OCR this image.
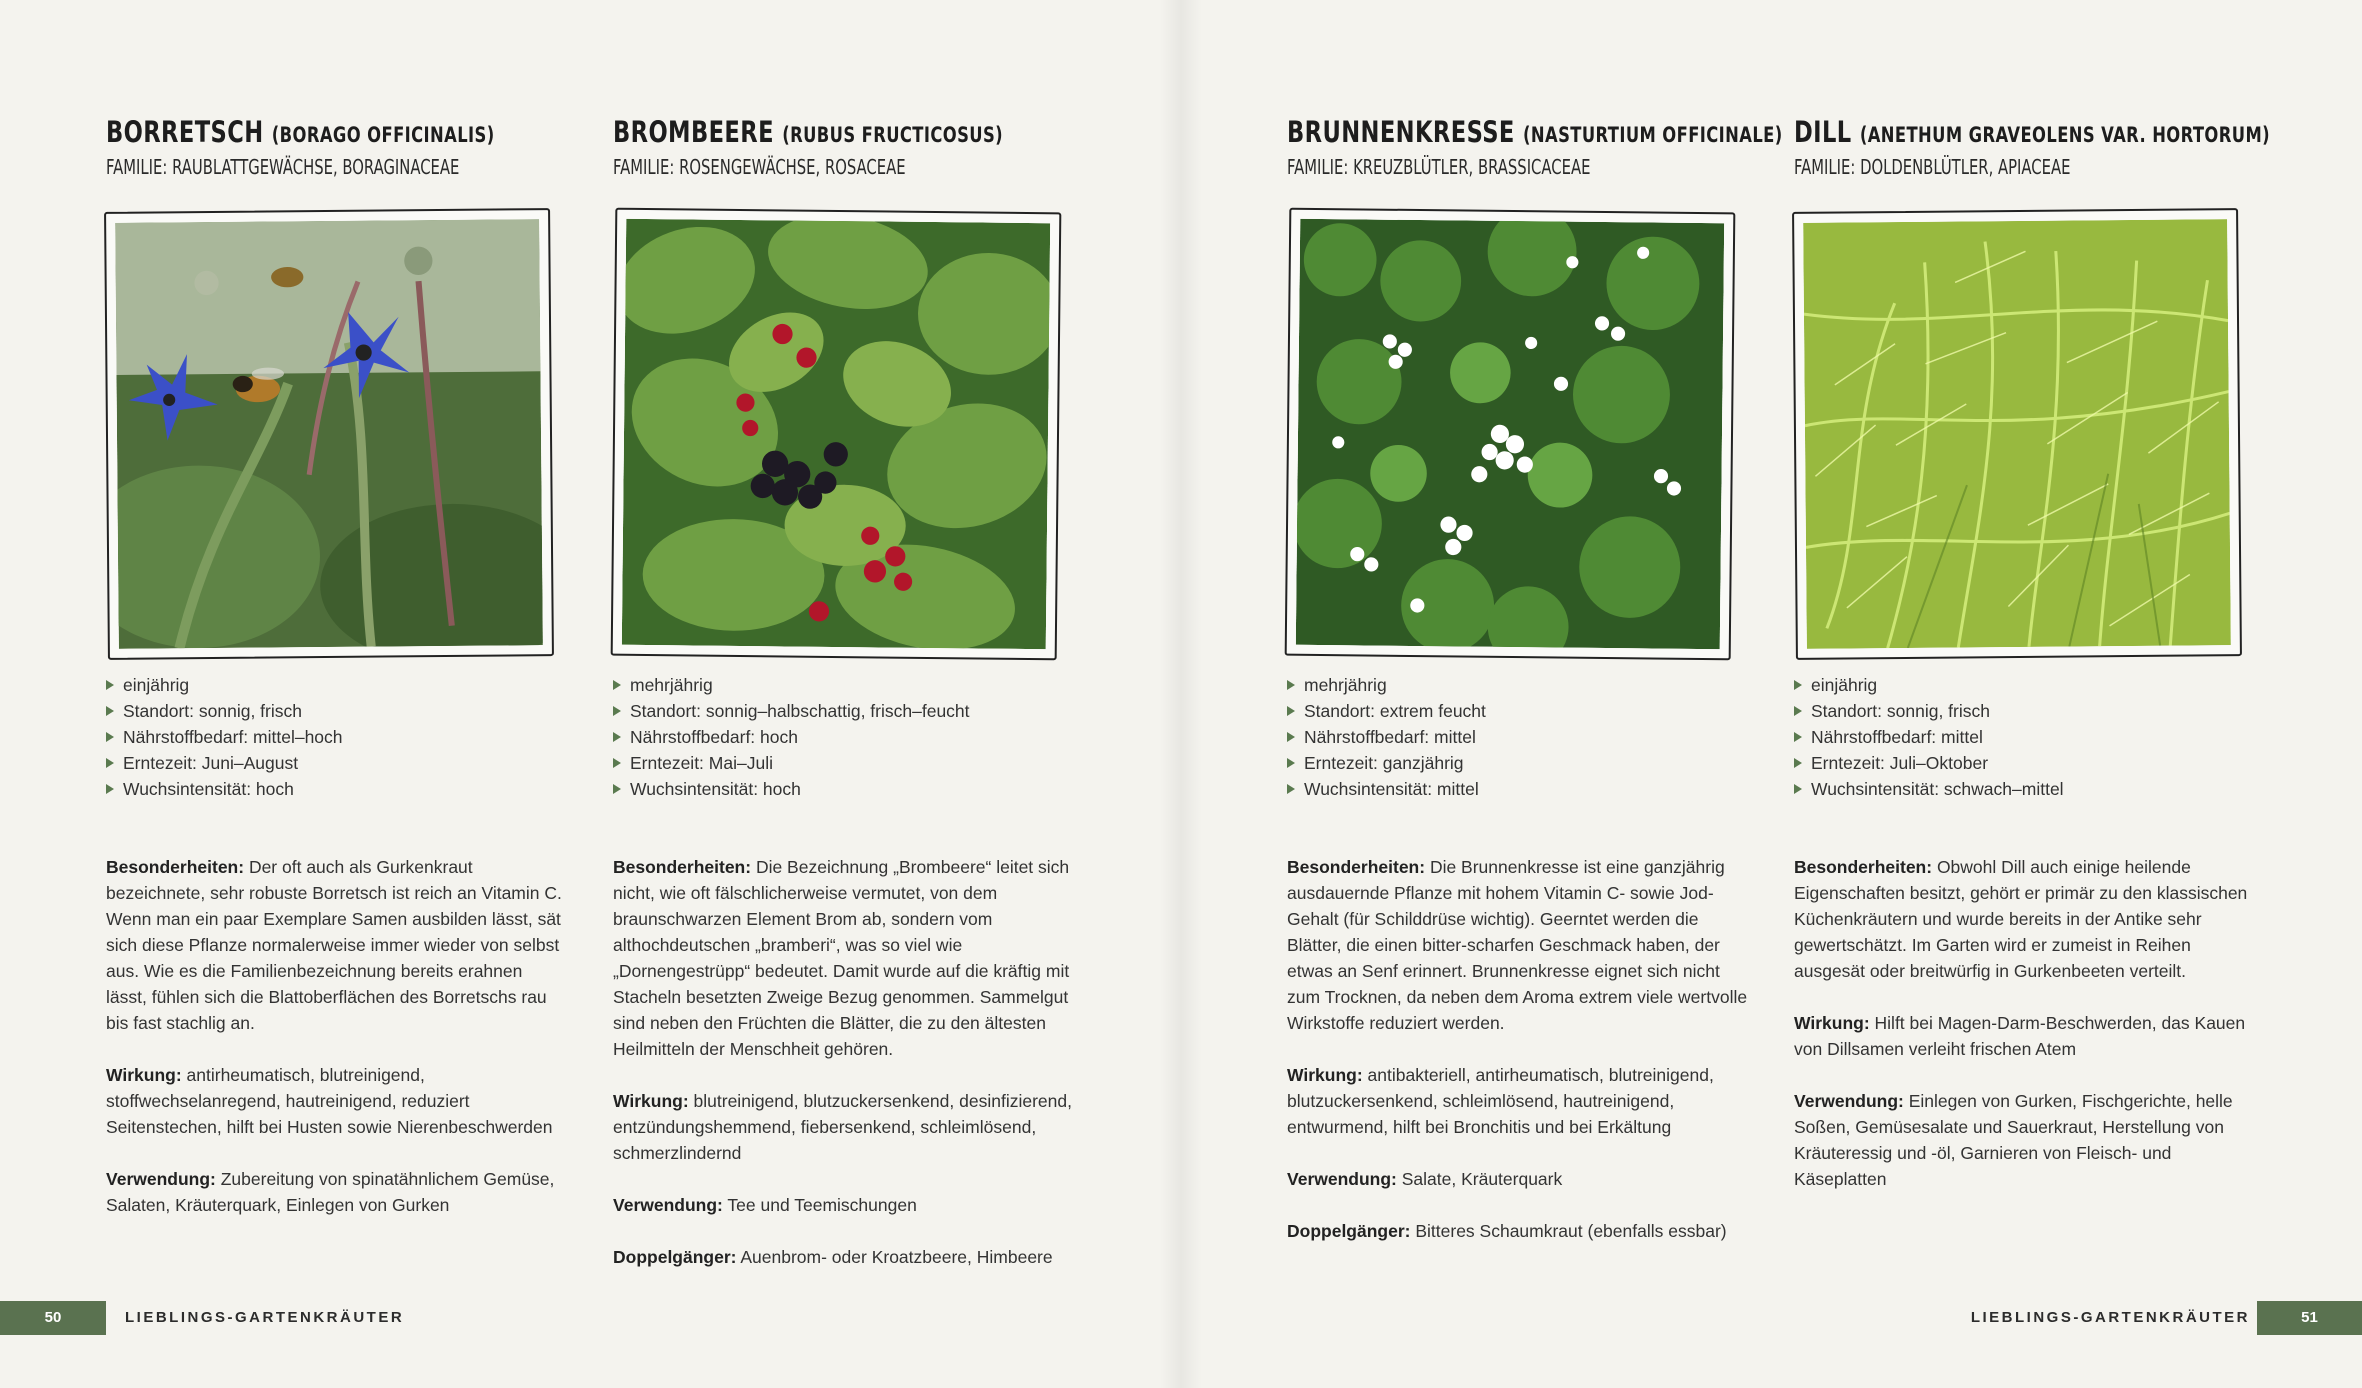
BORRETSCH (BORAGO OFFICINALIS)
FAMILIE: RAUBLATTGEWÄCHSE, BORAGINACEAE
einjährig
Standort: sonnig, frisch
Nährstoffbedarf: mittel–hoch
Erntezeit: Juni–August
Wuchsintensität: hoch

Besonderheiten: Der oft auch als Gurkenkraut bezeichnete, sehr robuste Borretsch ist reich an Vitamin C. Wenn man ein paar Exemplare Samen ausbilden lässt, sät sich diese Pflanze normalerweise immer wieder von selbst aus. Wie es die Familienbezeichnung bereits erahnen lässt, fühlen sich die Blattoberflächen des Borretschs rau bis fast stachlig an.

Wirkung: antirheumatisch, blutreinigend, stoffwechselanregend, hautreinigend, reduziert Seitenstechen, hilft bei Husten sowie Nierenbeschwerden

Verwendung: Zubereitung von spinatähnlichem Gemüse, Salaten, Kräuterquark, Einlegen von Gurken

BROMBEERE (RUBUS FRUCTICOSUS)
FAMILIE: ROSENGEWÄCHSE, ROSACEAE
mehrjährig
Standort: sonnig–halbschattig, frisch–feucht
Nährstoffbedarf: hoch
Erntezeit: Mai–Juli
Wuchsintensität: hoch

Besonderheiten: Die Bezeichnung „Brombeere“ leitet sich nicht, wie oft fälschlicherweise vermutet, von dem braunschwarzen Element Brom ab, sondern vom althochdeutschen „bramberi“, was so viel wie „Dornengestrüpp“ bedeutet. Damit wurde auf die kräftig mit Stacheln besetzten Zweige Bezug genommen. Sammelgut sind neben den Früchten die Blätter, die zu den ältesten Heilmitteln der Menschheit gehören.

Wirkung: blutreinigend, blutzuckersenkend, desinfizierend, entzündungshemmend, fiebersenkend, schleimlösend, schmerzlindernd

Verwendung: Tee und Teemischungen

Doppelgänger: Auenbrom- oder Kroatzbeere, Himbeere

50	LIEBLINGS-GARTENKRÄUTER
BRUNNENKRESSE (NASTURTIUM OFFICINALE)
FAMILIE: KREUZBLÜTLER, BRASSICACEAE
mehrjährig
Standort: extrem feucht
Nährstoffbedarf: mittel
Erntezeit: ganzjährig
Wuchsintensität: mittel

Besonderheiten: Die Brunnenkresse ist eine ganzjährig ausdauernde Pflanze mit hohem Vitamin C- sowie Jod- Gehalt (für Schilddrüse wichtig). Geerntet werden die Blätter, die einen bitter-scharfen Geschmack haben, der etwas an Senf erinnert. Brunnenkresse eignet sich nicht zum Trocknen, da neben dem Aroma extrem viele wertvolle Wirkstoffe reduziert werden.

Wirkung: antibakteriell, antirheumatisch, blutreinigend, blutzuckersenkend, schleimlösend, hautreinigend, entwurmend, hilft bei Bronchitis und bei Erkältung

Verwendung: Salate, Kräuterquark

Doppelgänger: Bitteres Schaumkraut (ebenfalls essbar)

DILL (ANETHUM GRAVEOLENS VAR. HORTORUM)
FAMILIE: DOLDENBLÜTLER, APIACEAE
einjährig
Standort: sonnig, frisch
Nährstoffbedarf: mittel
Erntezeit: Juli–Oktober
Wuchsintensität: schwach–mittel

Besonderheiten: Obwohl Dill auch einige heilende Eigenschaften besitzt, gehört er primär zu den klassischen Küchenkräutern und wurde bereits in der Antike sehr gewertschätzt. Im Garten wird er zumeist in Reihen ausgesät oder breitwürfig in Gurkenbeeten verteilt.

Wirkung: Hilft bei Magen-Darm-Beschwerden, das Kauen von Dillsamen verleiht frischen Atem

Verwendung: Einlegen von Gurken, Fischgerichte, helle Soßen, Gemüsesalate und Sauerkraut, Herstellung von Kräuteressig und -öl, Garnieren von Fleisch- und Käseplatten

LIEBLINGS-GARTENKRÄUTER	51
